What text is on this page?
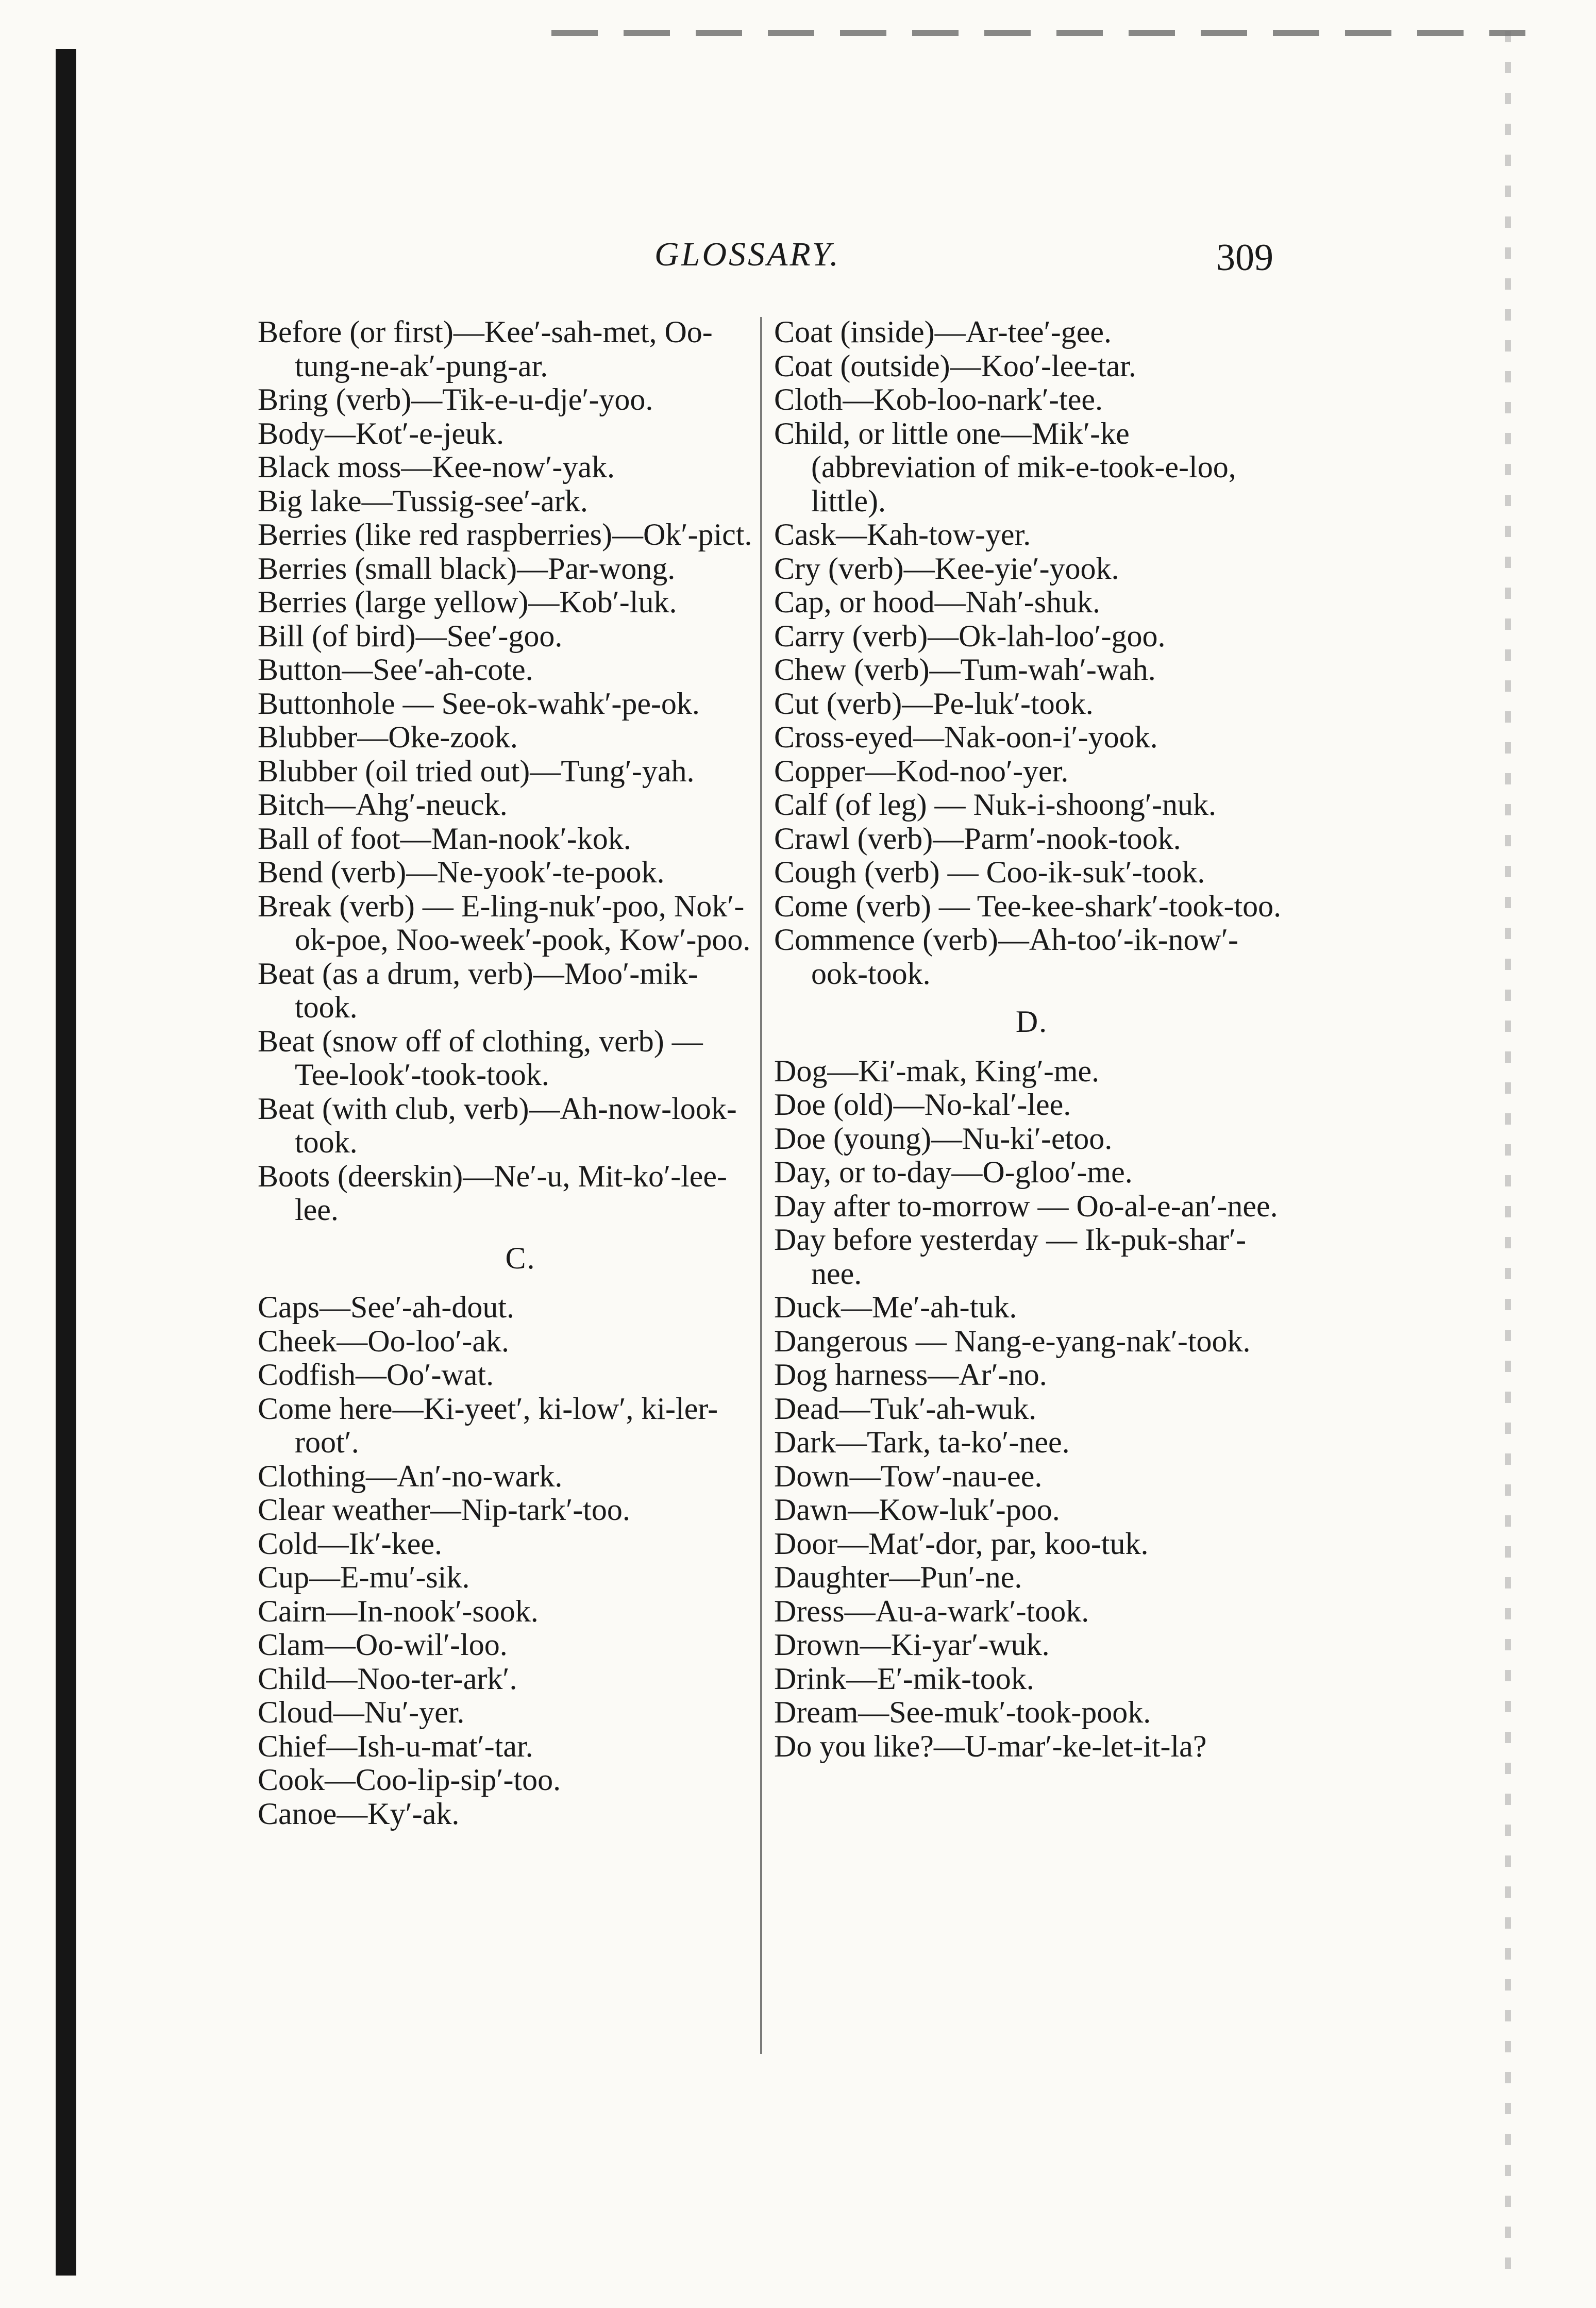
GLOSSARY.	309

Before (or first)—Kee′-sah-met, Oo-tung-ne-ak′-pung-ar.

Bring (verb)—Tik-e-u-dje′-yoo.

Body—Kot′-e-jeuk.

Black moss—Kee-now′-yak.

Big lake—Tussig-see′-ark.

Berries (like red raspberries)—Ok′-pict.

Berries (small black)—Par-wong.

Berries (large yellow)—Kob′-luk.

Bill (of bird)—See′-goo.

Button—See′-ah-cote.

Buttonhole — See-ok-wahk′-pe-ok.

Blubber—Oke-zook.

Blubber (oil tried out)—Tung′-yah.

Bitch—Ahg′-neuck.

Ball of foot—Man-nook′-kok.

Bend (verb)—Ne-yook′-te-pook.

Break (verb) — E-ling-nuk′-poo, Nok′-ok-poe, Noo-week′-pook, Kow′-poo.

Beat (as a drum, verb)—Moo′-mik-took.

Beat (snow off of clothing, verb) —Tee-look′-took-took.

Beat (with club, verb)—Ah-now-look-took.

Boots (deerskin)—Ne′-u, Mit-ko′-lee-lee.

C.

Caps—See′-ah-dout.

Cheek—Oo-loo′-ak.

Codfish—Oo′-wat.

Come here—Ki-yeet′, ki-low′, ki-ler-root′.

Clothing—An′-no-wark.

Clear weather—Nip-tark′-too.

Cold—Ik′-kee.

Cup—E-mu′-sik.

Cairn—In-nook′-sook.

Clam—Oo-wil′-loo.

Child—Noo-ter-ark′.

Cloud—Nu′-yer.

Chief—Ish-u-mat′-tar.

Cook—Coo-lip-sip′-too.

Canoe—Ky′-ak.

Coat (inside)—Ar-tee′-gee.

Coat (outside)—Koo′-lee-tar.

Cloth—Kob-loo-nark′-tee.

Child, or little one—Mik′-ke (abbreviation of mik-e-took-e-loo, little).

Cask—Kah-tow-yer.

Cry (verb)—Kee-yie′-yook.

Cap, or hood—Nah′-shuk.

Carry (verb)—Ok-lah-loo′-goo.

Chew (verb)—Tum-wah′-wah.

Cut (verb)—Pe-luk′-took.

Cross-eyed—Nak-oon-i′-yook.

Copper—Kod-noo′-yer.

Calf (of leg) — Nuk-i-shoong′-nuk.

Crawl (verb)—Parm′-nook-took.

Cough (verb) — Coo-ik-suk′-took.

Come (verb) — Tee-kee-shark′-took-too.

Commence (verb)—Ah-too′-ik-now′-ook-took.

D.

Dog—Ki′-mak, King′-me.

Doe (old)—No-kal′-lee.

Doe (young)—Nu-ki′-etoo.

Day, or to-day—O-gloo′-me.

Day after to-morrow — Oo-al-e-an′-nee.

Day before yesterday — Ik-puk-shar′-nee.

Duck—Me′-ah-tuk.

Dangerous — Nang-e-yang-nak′-took.

Dog harness—Ar′-no.

Dead—Tuk′-ah-wuk.

Dark—Tark, ta-ko′-nee.

Down—Tow′-nau-ee.

Dawn—Kow-luk′-poo.

Door—Mat′-dor, par, koo-tuk.

Daughter—Pun′-ne.

Dress—Au-a-wark′-took.

Drown—Ki-yar′-wuk.

Drink—E′-mik-took.

Dream—See-muk′-took-pook.

Do you like?—U-mar′-ke-let-it-la?
